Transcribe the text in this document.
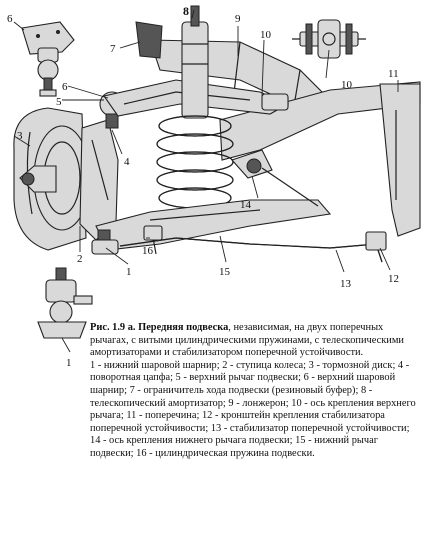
6
8
9
7
10
10
11
6
5
3
4
14
16
2
1	15
13	12
1

Рис. 1.9 а. Передняя подвеска, независимая, на двух поперечных рычагах, с витыми цилиндрическими пружинами, с телескопическими амортизаторами и стабилизатором поперечной устойчивости.

1 - нижний шаровой шарнир; 2 - ступица колеса; 3 - тормозной диск; 4 - поворотная цапфа; 5 - верхний рычаг подвески; 6 - верхний шаровой шарнир; 7 - ограничитель хода подвески (резиновый буфер); 8 - телескопический амортизатор; 9 - лонжерон; 10 - ось крепления верхнего рычага; 11 - поперечина; 12 - кронштейн крепления стабилизатора поперечной устойчивости; 13 - стабилизатор поперечной устойчивости; 14 - ось крепления нижнего рычага подвески; 15 - нижний рычаг подвески; 16 - цилиндрическая пружина подвески.
